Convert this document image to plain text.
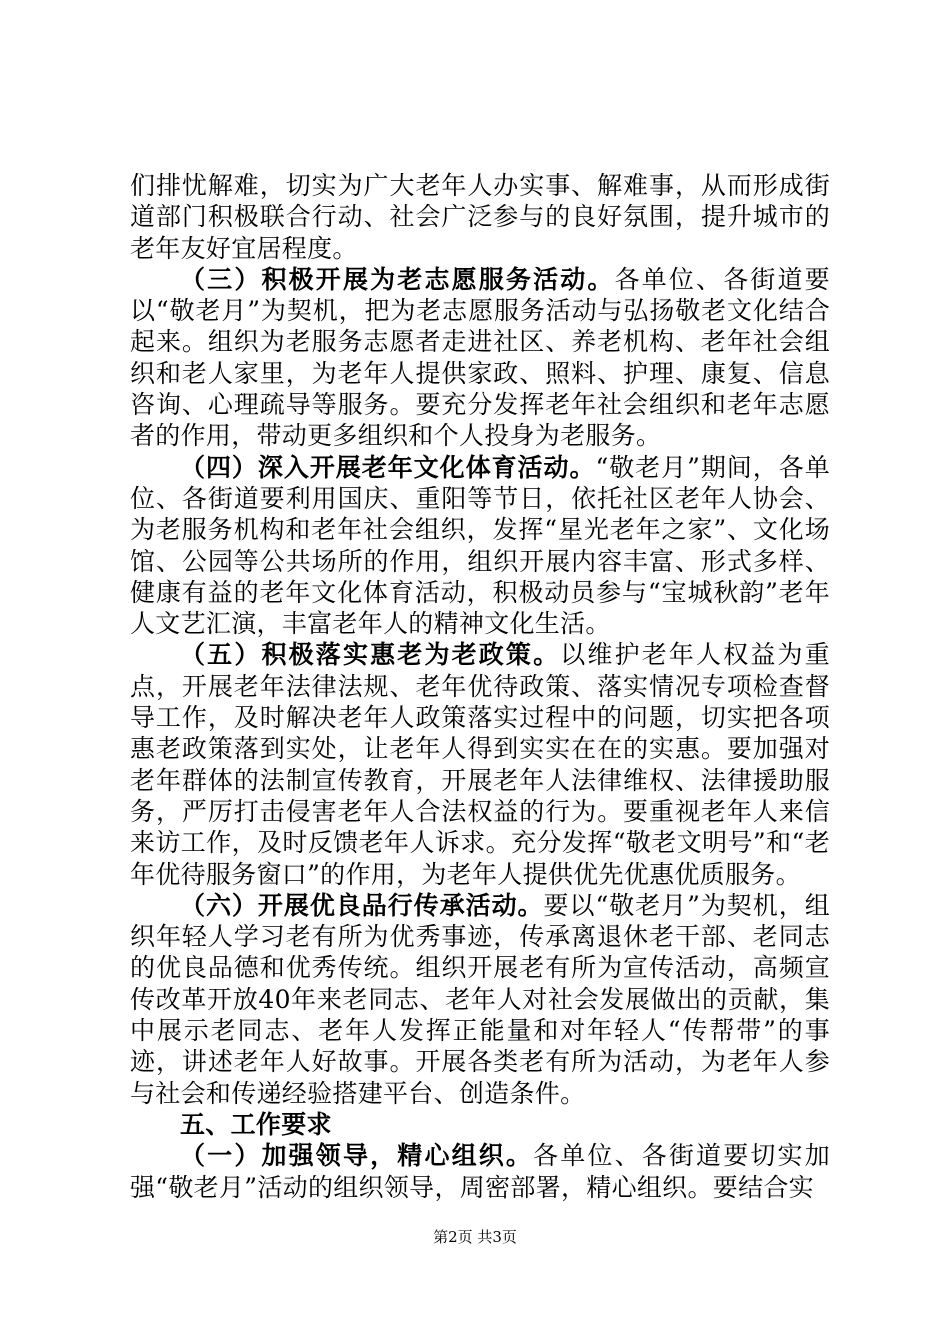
们排忧解难，切实为广大老年人办实事、解难事，从而形成街道部门积极联合行动、社会广泛参与的良好氛围，提升城市的老年友好宜居程度。

（三）积极开展为老志愿服务活动。各单位、各街道要以“敬老月”为契机，把为老志愿服务活动与弘扬敬老文化结合起来。组织为老服务志愿者走进社区、养老机构、老年社会组织和老人家里，为老年人提供家政、照料、护理、康复、信息咨询、心理疏导等服务。要充分发挥老年社会组织和老年志愿者的作用，带动更多组织和个人投身为老服务。

（四）深入开展老年文化体育活动。“敬老月”期间，各单位、各街道要利用国庆、重阳等节日，依托社区老年人协会、为老服务机构和老年社会组织，发挥“星光老年之家”、文化场馆、公园等公共场所的作用，组织开展内容丰富、形式多样、健康有益的老年文化体育活动，积极动员参与“宝城秋韵”老年人文艺汇演，丰富老年人的精神文化生活。

（五）积极落实惠老为老政策。以维护老年人权益为重点，开展老年法律法规、老年优待政策、落实情况专项检查督导工作，及时解决老年人政策落实过程中的问题，切实把各项惠老政策落到实处，让老年人得到实实在在的实惠。要加强对老年群体的法制宣传教育，开展老年人法律维权、法律援助服务，严厉打击侵害老年人合法权益的行为。要重视老年人来信来访工作，及时反馈老年人诉求。充分发挥“敬老文明号”和“老年优待服务窗口”的作用，为老年人提供优先优惠优质服务。

（六）开展优良品行传承活动。要以“敬老月”为契机，组织年轻人学习老有所为优秀事迹，传承离退休老干部、老同志的优良品德和优秀传统。组织开展老有所为宣传活动，高频宣传改革开放40年来老同志、老年人对社会发展做出的贡献，集中展示老同志、老年人发挥正能量和对年轻人“传帮带”的事迹，讲述老年人好故事。开展各类老有所为活动，为老年人参与社会和传递经验搭建平台、创造条件。

五、工作要求

（一）加强领导，精心组织。各单位、各街道要切实加强“敬老月”活动的组织领导，周密部署，精心组织。要结合实

第2页 共3页
